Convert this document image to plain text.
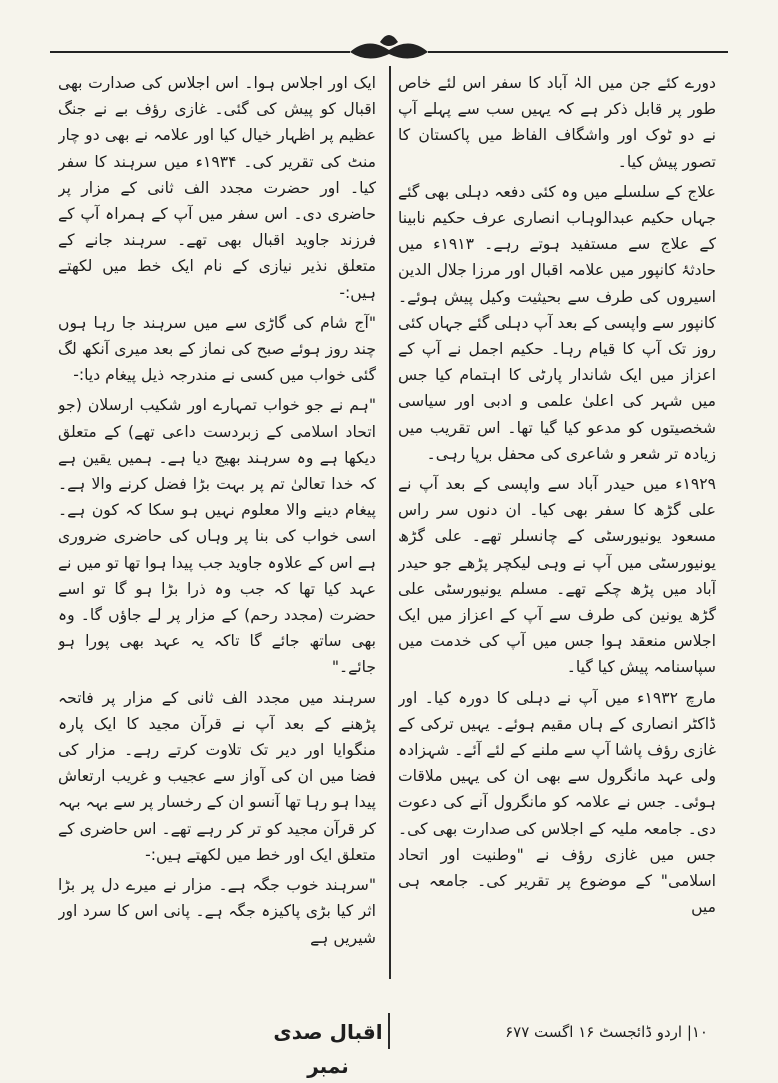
دورے کئے جن میں الہٰ آباد کا سفر اس لئے خاص طور پر قابل ذکر ہے کہ یہیں سب سے پہلے آپ نے دو ٹوک اور واشگاف الفاظ میں پاکستان کا تصور پیش کیا۔

علاج کے سلسلے میں وہ کئی دفعہ دہلی بھی گئے جہاں حکیم عبدالوہاب انصاری عرف حکیم نابینا کے علاج سے مستفید ہوتے رہے۔ ۱۹۱۳ء میں حادثۂ کانپور میں علامہ اقبال اور مرزا جلال الدین اسیروں کی طرف سے بحیثیت وکیل پیش ہوئے۔ کانپور سے واپسی کے بعد آپ دہلی گئے جہاں کئی روز تک آپ کا قیام رہا۔ حکیم اجمل نے آپ کے اعزاز میں ایک شاندار پارٹی کا اہتمام کیا جس میں شہر کی اعلیٰ علمی و ادبی اور سیاسی شخصیتوں کو مدعو کیا گیا تھا۔ اس تقریب میں زیادہ تر شعر و شاعری کی محفل برپا رہی۔

۱۹۲۹ء میں حیدر آباد سے واپسی کے بعد آپ نے علی گڑھ کا سفر بھی کیا۔ ان دنوں سر راس مسعود یونیورسٹی کے چانسلر تھے۔ علی گڑھ یونیورسٹی میں آپ نے وہی لیکچر پڑھے جو حیدر آباد میں پڑھ چکے تھے۔ مسلم یونیورسٹی علی گڑھ یونین کی طرف سے آپ کے اعزاز میں ایک اجلاس منعقد ہوا جس میں آپ کی خدمت میں سپاسنامہ پیش کیا گیا۔

مارچ ۱۹۳۲ء میں آپ نے دہلی کا دورہ کیا۔ اور ڈاکٹر انصاری کے ہاں مقیم ہوئے۔ یہیں ترکی کے غازی رؤف پاشا آپ سے ملنے کے لئے آئے۔ شہزادہ ولی عہد مانگرول سے بھی ان کی یہیں ملاقات ہوئی۔ جس نے علامہ کو مانگرول آنے کی دعوت دی۔ جامعہ ملیہ کے اجلاس کی صدارت بھی کی۔ جس میں غازی رؤف نے "وطنیت اور اتحاد اسلامی" کے موضوع پر تقریر کی۔ جامعہ ہی میں

ایک اور اجلاس ہوا۔ اس اجلاس کی صدارت بھی اقبال کو پیش کی گئی۔ غازی رؤف بے نے جنگ عظیم پر اظہار خیال کیا اور علامہ نے بھی دو چار منٹ کی تقریر کی۔ ۱۹۳۴ء میں سرہند کا سفر کیا۔ اور حضرت مجدد الف ثانی کے مزار پر حاضری دی۔ اس سفر میں آپ کے ہمراہ آپ کے فرزند جاوید اقبال بھی تھے۔ سرہند جانے کے متعلق نذیر نیازی کے نام ایک خط میں لکھتے ہیں:-

"آج شام کی گاڑی سے میں سرہند جا رہا ہوں چند روز ہوئے صبح کی نماز کے بعد میری آنکھ لگ گئی خواب میں کسی نے مندرجہ ذیل پیغام دیا:-

"ہم نے جو خواب تمہارے اور شکیب ارسلان (جو اتحاد اسلامی کے زبردست داعی تھے) کے متعلق دیکھا ہے وہ سرہند بھیج دیا ہے۔ ہمیں یقین ہے کہ خدا تعالیٰ تم پر بہت بڑا فضل کرنے والا ہے۔ پیغام دینے والا معلوم نہیں ہو سکا کہ کون ہے۔ اسی خواب کی بنا پر وہاں کی حاضری ضروری ہے اس کے علاوہ جاوید جب پیدا ہوا تھا تو میں نے عہد کیا تھا کہ جب وہ ذرا بڑا ہو گا تو اسے حضرت (مجدد رحم) کے مزار پر لے جاؤں گا۔ وہ بھی ساتھ جائے گا تاکہ یہ عہد بھی پورا ہو جائے۔"

سرہند میں مجدد الف ثانی کے مزار پر فاتحہ پڑھنے کے بعد آپ نے قرآن مجید کا ایک پارہ منگوایا اور دیر تک تلاوت کرتے رہے۔ مزار کی فضا میں ان کی آواز سے عجیب و غریب ارتعاش پیدا ہو رہا تھا آنسو ان کے رخسار پر سے بہہ بہہ کر قرآن مجید کو تر کر رہے تھے۔ اس حاضری کے متعلق ایک اور خط میں لکھتے ہیں:-

"سرہند خوب جگہ ہے۔ مزار نے میرے دل پر بڑا اثر کیا بڑی پاکیزہ جگہ ہے۔ پانی اس کا سرد اور شیریں ہے

اقبال صدی نمبر
۱۰| اردو ڈائجسٹ ۱۶ اگست ۶۷۷
